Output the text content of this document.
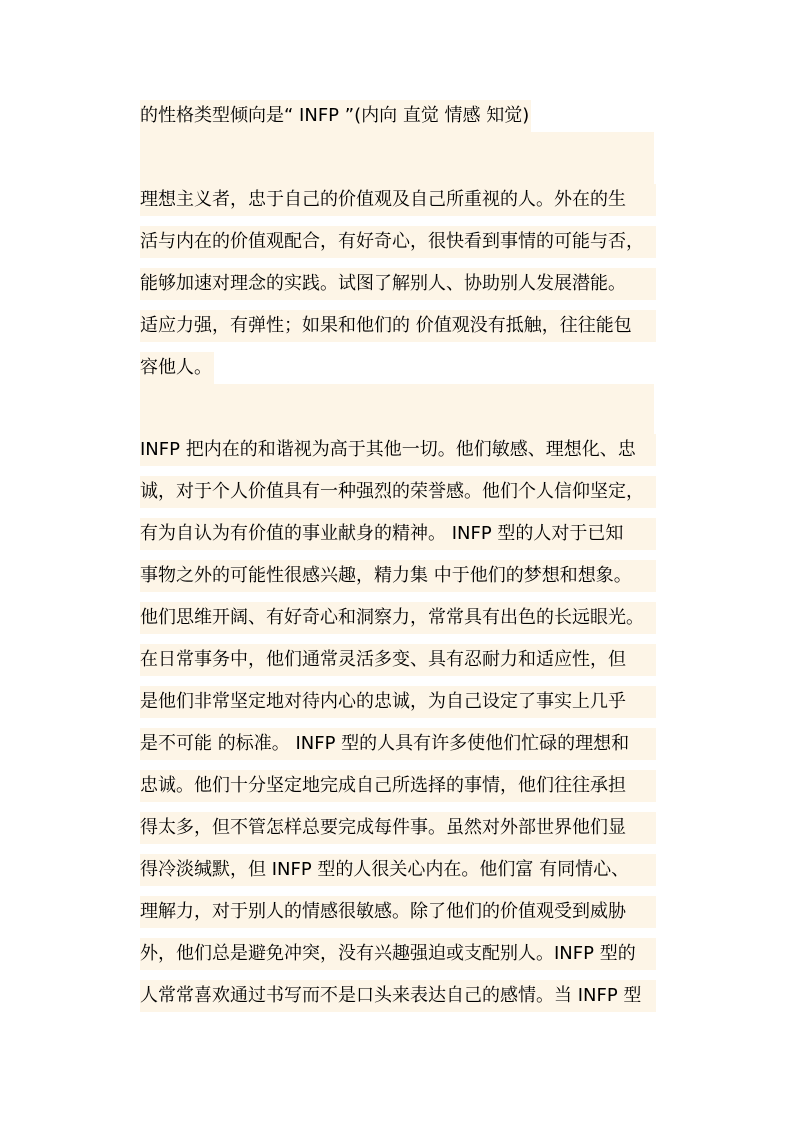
的性格类型倾向是“ INFP ”(内向 直觉 情感 知觉)
理想主义者，忠于自己的价值观及自己所重视的人。外在的生
活与内在的价值观配合，有好奇心，很快看到事情的可能与否，
能够加速对理念的实践。试图了解别人、协助别人发展潜能。
适应力强，有弹性；如果和他们的 价值观没有抵触，往往能包
容他人。
INFP 把内在的和谐视为高于其他一切。他们敏感、理想化、忠
诚，对于个人价值具有一种强烈的荣誉感。他们个人信仰坚定，
有为自认为有价值的事业献身的精神。 INFP 型的人对于已知
事物之外的可能性很感兴趣，精力集 中于他们的梦想和想象。
他们思维开阔、有好奇心和洞察力，常常具有出色的长远眼光。
在日常事务中，他们通常灵活多变、具有忍耐力和适应性，但
是他们非常坚定地对待内心的忠诚，为自己设定了事实上几乎
是不可能 的标准。 INFP 型的人具有许多使他们忙碌的理想和
忠诚。他们十分坚定地完成自己所选择的事情，他们往往承担
得太多，但不管怎样总要完成每件事。虽然对外部世界他们显
得冷淡缄默，但 INFP 型的人很关心内在。他们富 有同情心、
理解力，对于别人的情感很敏感。除了他们的价值观受到威胁
外，他们总是避免冲突，没有兴趣强迫或支配别人。INFP 型的
人常常喜欢通过书写而不是口头来表达自己的感情。当 INFP 型
